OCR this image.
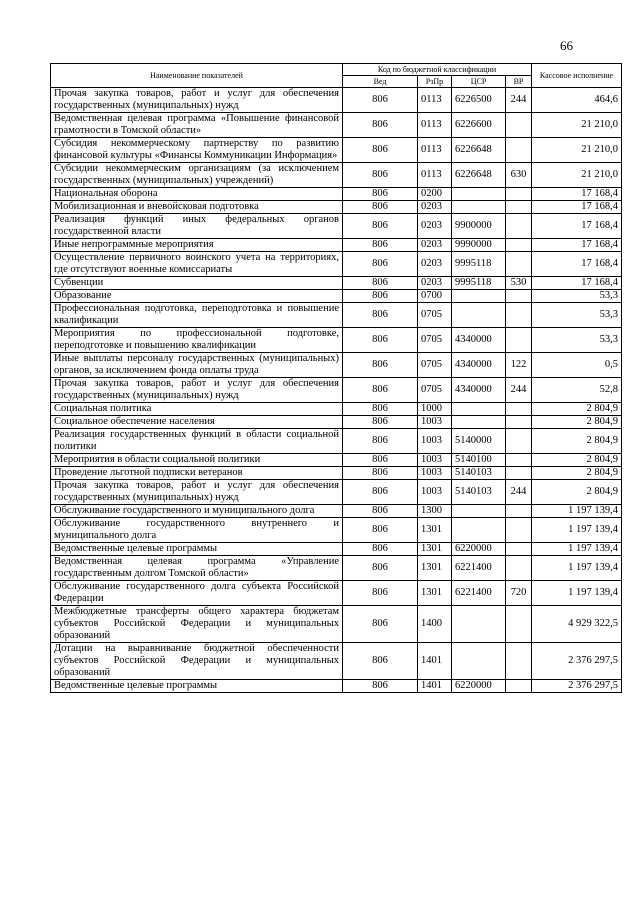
66
Наименование показателей	Код по бюджетной классификации				Кассовое исполнение
	Вед	РзПр	ЦСР	ВР	
Прочая закупка товаров, работ и услуг для обеспечения государственных (муниципальных) нужд	806	0113	6226500	244	464,6
Ведомственная целевая программа «Повышение финансовой грамотности в Томской области»	806	0113	6226600		21 210,0
Субсидия некоммерческому партнерству по развитию финансовой культуры «Финансы Коммуникации Информация»	806	0113	6226648		21 210,0
Субсидии некоммерческим организациям (за исключением государственных (муниципальных) учреждений)	806	0113	6226648	630	21 210,0
Национальная оборона	806	0200			17 168,4
Мобилизационная и вневойсковая подготовка	806	0203			17 168,4
Реализация функций иных федеральных органов государственной власти	806	0203	9900000		17 168,4
Иные непрограммные мероприятия	806	0203	9990000		17 168,4
Осуществление первичного воинского учета на территориях, где отсутствуют военные комиссариаты	806	0203	9995118		17 168,4
Субвенции	806	0203	9995118	530	17 168,4
Образование	806	0700			53,3
Профессиональная подготовка, переподготовка и повышение квалификации	806	0705			53,3
Мероприятия по профессиональной подготовке, переподготовке и повышению квалификации	806	0705	4340000		53,3
Иные выплаты персоналу государственных (муниципальных) органов, за исключением фонда оплаты труда	806	0705	4340000	122	0,5
Прочая закупка товаров, работ и услуг для обеспечения государственных (муниципальных) нужд	806	0705	4340000	244	52,8
Социальная политика	806	1000			2 804,9
Социальное обеспечение населения	806	1003			2 804,9
Реализация государственных функций в области социальной политики	806	1003	5140000		2 804,9
Мероприятия в области социальной политики	806	1003	5140100		2 804,9
Проведение льготной подписки ветеранов	806	1003	5140103		2 804,9
Прочая закупка товаров, работ и услуг для обеспечения государственных (муниципальных) нужд	806	1003	5140103	244	2 804,9
Обслуживание государственного и муниципального долга	806	1300			1 197 139,4
Обслуживание государственного внутреннего и муниципального долга	806	1301			1 197 139,4
Ведомственные целевые программы	806	1301	6220000		1 197 139,4
Ведомственная целевая программа «Управление государственным долгом Томской области»	806	1301	6221400		1 197 139,4
Обслуживание государственного долга субъекта Российской Федерации	806	1301	6221400	720	1 197 139,4
Межбюджетные трансферты общего характера бюджетам субъектов Российской Федерации и муниципальных образований	806	1400			4 929 322,5
Дотации на выравнивание бюджетной обеспеченности субъектов Российской Федерации и муниципальных образований	806	1401			2 376 297,5
Ведомственные целевые программы	806	1401	6220000		2 376 297,5
